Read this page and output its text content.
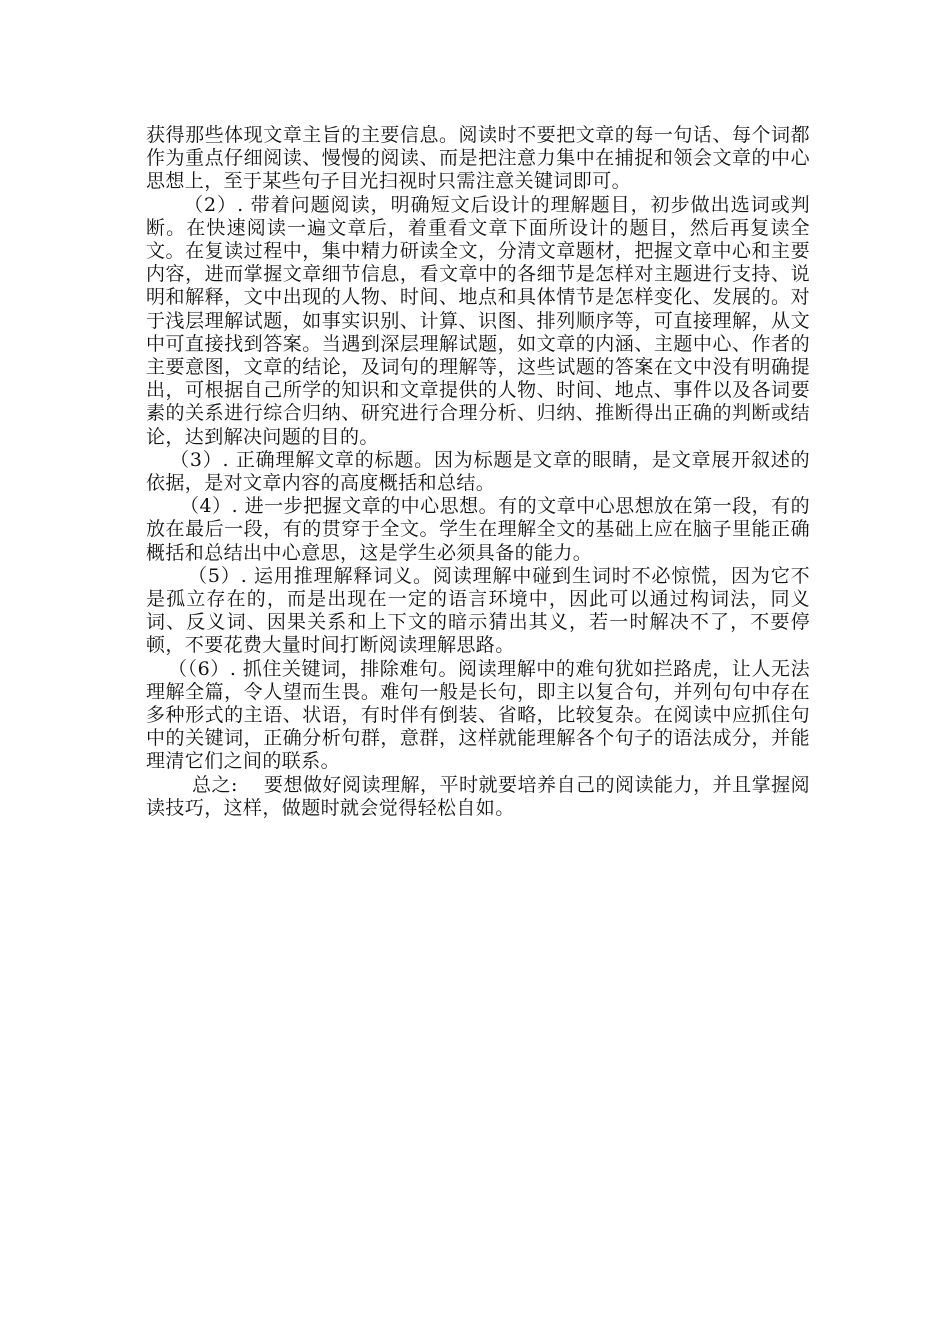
获得那些体现文章主旨的主要信息。阅读时不要把文章的每一句话、每个词都作为重点仔细阅读、慢慢的阅读、而是把注意力集中在捕捉和领会文章的中心思想上，至于某些句子目光扫视时只需注意关键词即可。

（2）. 带着问题阅读，明确短文后设计的理解题目，初步做出选词或判断。在快速阅读一遍文章后，着重看文章下面所设计的题目，然后再复读全文。在复读过程中，集中精力研读全文，分清文章题材，把握文章中心和主要内容，进而掌握文章细节信息，看文章中的各细节是怎样对主题进行支持、说明和解释，文中出现的人物、时间、地点和具体情节是怎样变化、发展的。对于浅层理解试题，如事实识别、计算、识图、排列顺序等，可直接理解，从文中可直接找到答案。当遇到深层理解试题，如文章的内涵、主题中心、作者的主要意图，文章的结论，及词句的理解等，这些试题的答案在文中没有明确提出，可根据自己所学的知识和文章提供的人物、时间、地点、事件以及各词要素的关系进行综合归纳、研究进行合理分析、归纳、推断得出正确的判断或结论，达到解决问题的目的。

（3）. 正确理解文章的标题。因为标题是文章的眼睛，是文章展开叙述的依据，是对文章内容的高度概括和总结。

（4）. 进一步把握文章的中心思想。有的文章中心思想放在第一段，有的放在最后一段，有的贯穿于全文。学生在理解全文的基础上应在脑子里能正确概括和总结出中心意思，这是学生必须具备的能力。

（5）. 运用推理解释词义。阅读理解中碰到生词时不必惊慌，因为它不是孤立存在的，而是出现在一定的语言环境中，因此可以通过构词法，同义词、反义词、因果关系和上下文的暗示猜出其义，若一时解决不了，不要停顿，不要花费大量时间打断阅读理解思路。

（（6）. 抓住关键词，排除难句。阅读理解中的难句犹如拦路虎，让人无法理解全篇，令人望而生畏。难句一般是长句，即主以复合句，并列句句中存在多种形式的主语、状语，有时伴有倒装、省略，比较复杂。在阅读中应抓住句中的关键词，正确分析句群，意群，这样就能理解各个句子的语法成分，并能理清它们之间的联系。

总之: 要想做好阅读理解，平时就要培养自己的阅读能力，并且掌握阅读技巧，这样，做题时就会觉得轻松自如。
